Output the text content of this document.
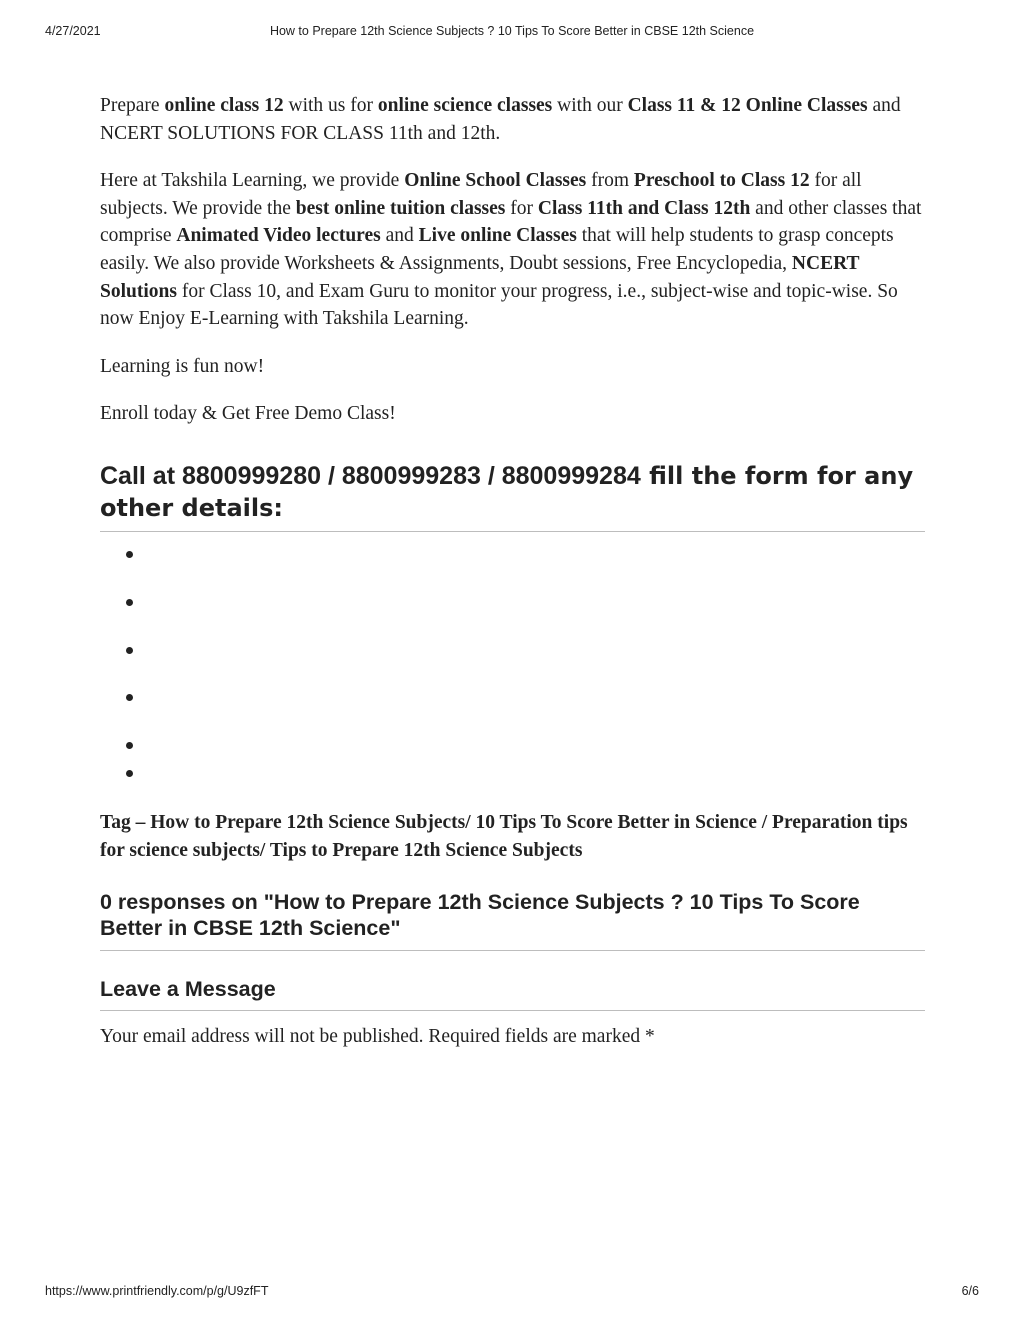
4/27/2021	How to Prepare 12th Science Subjects ? 10 Tips To Score Better in CBSE 12th Science

Prepare online class 12 with us for online science classes with our Class 11 & 12 Online Classes and NCERT SOLUTIONS FOR CLASS 11th and 12th.

Here at Takshila Learning, we provide Online School Classes from Preschool to Class 12 for all subjects. We provide the best online tuition classes for Class 11th and Class 12th and other classes that comprise Animated Video lectures and Live online Classes that will help students to grasp concepts easily. We also provide Worksheets & Assignments, Doubt sessions, Free Encyclopedia, NCERT Solutions for Class 10, and Exam Guru to monitor your progress, i.e., subject-wise and topic-wise. So now Enjoy E-Learning with Takshila Learning.

Learning is fun now!

Enroll today & Get Free Demo Class!

Call at 8800999280 / 8800999283 / 8800999284 fill the form for any other details:

Tag – How to Prepare 12th Science Subjects/ 10 Tips To Score Better in Science / Preparation tips for science subjects/ Tips to Prepare 12th Science Subjects

0 responses on "How to Prepare 12th Science Subjects ? 10 Tips To Score Better in CBSE 12th Science"
Leave a Message

Your email address will not be published. Required fields are marked *

https://www.printfriendly.com/p/g/U9zfFT	6/6
